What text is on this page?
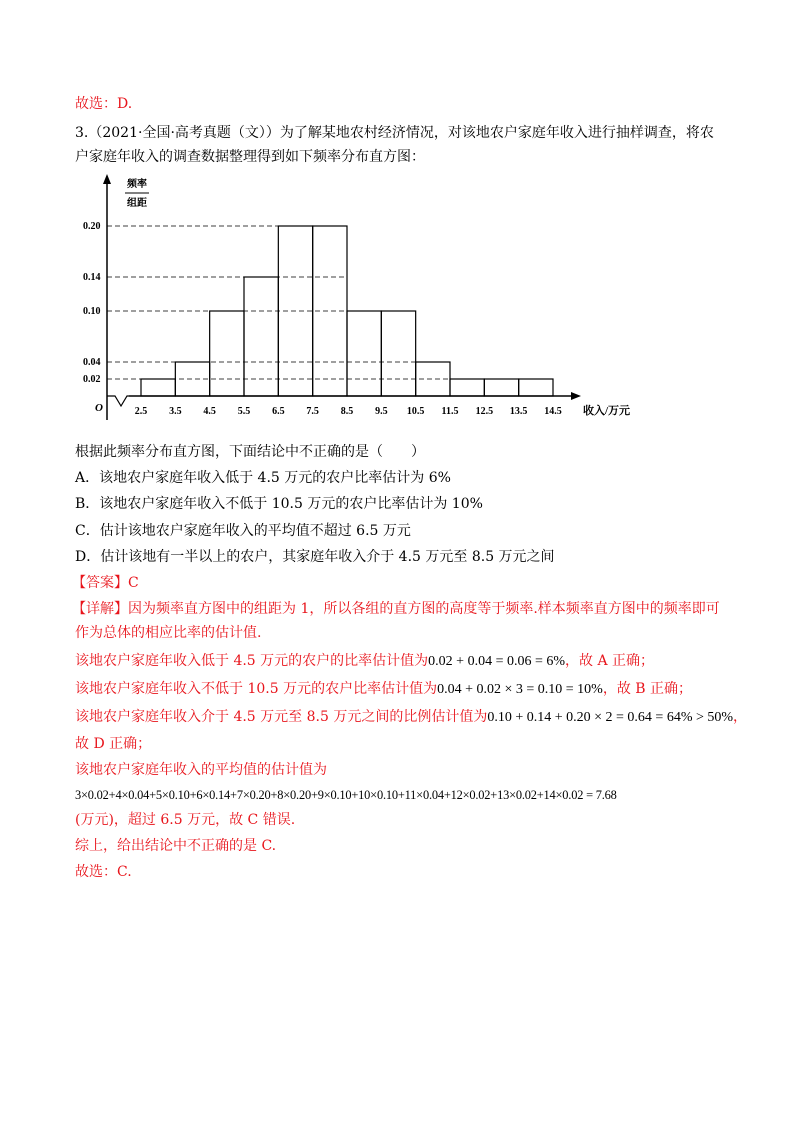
故选：D.
3.（2021·全国·高考真题（文））为了解某地农村经济情况，对该地农户家庭年收入进行抽样调查，将农
户家庭年收入的调查数据整理得到如下频率分布直方图：
频率
组距
O	收入/万元
0.20
0.14
0.10
0.04
0.02
2.5 3.5 4.5 5.5 6.5 7.5 8.5 9.5 10.5 11.5 12.5 13.5 14.5
根据此频率分布直方图，下面结论中不正确的是（　　）
A．该地农户家庭年收入低于 4.5 万元的农户比率估计为 6%
B．该地农户家庭年收入不低于 10.5 万元的农户比率估计为 10%
C．估计该地农户家庭年收入的平均值不超过 6.5 万元
D．估计该地有一半以上的农户，其家庭年收入介于 4.5 万元至 8.5 万元之间
【答案】C
【详解】因为频率直方图中的组距为 1，所以各组的直方图的高度等于频率.样本频率直方图中的频率即可
作为总体的相应比率的估计值.
该地农户家庭年收入低于 4.5 万元的农户的比率估计值为0.02 + 0.04 = 0.06 = 6%，故 A 正确；
该地农户家庭年收入不低于 10.5 万元的农户比率估计值为0.04 + 0.02 × 3 = 0.10 = 10%，故 B 正确；
该地农户家庭年收入介于 4.5 万元至 8.5 万元之间的比例估计值为0.10 + 0.14 + 0.20 × 2 = 0.64 = 64% > 50%，
故 D 正确；
该地农户家庭年收入的平均值的估计值为
3×0.02+4×0.04+5×0.10+6×0.14+7×0.20+8×0.20+9×0.10+10×0.10+11×0.04+12×0.02+13×0.02+14×0.02 = 7.68
(万元)，超过 6.5 万元，故 C 错误.
综上，给出结论中不正确的是 C.
故选：C.
